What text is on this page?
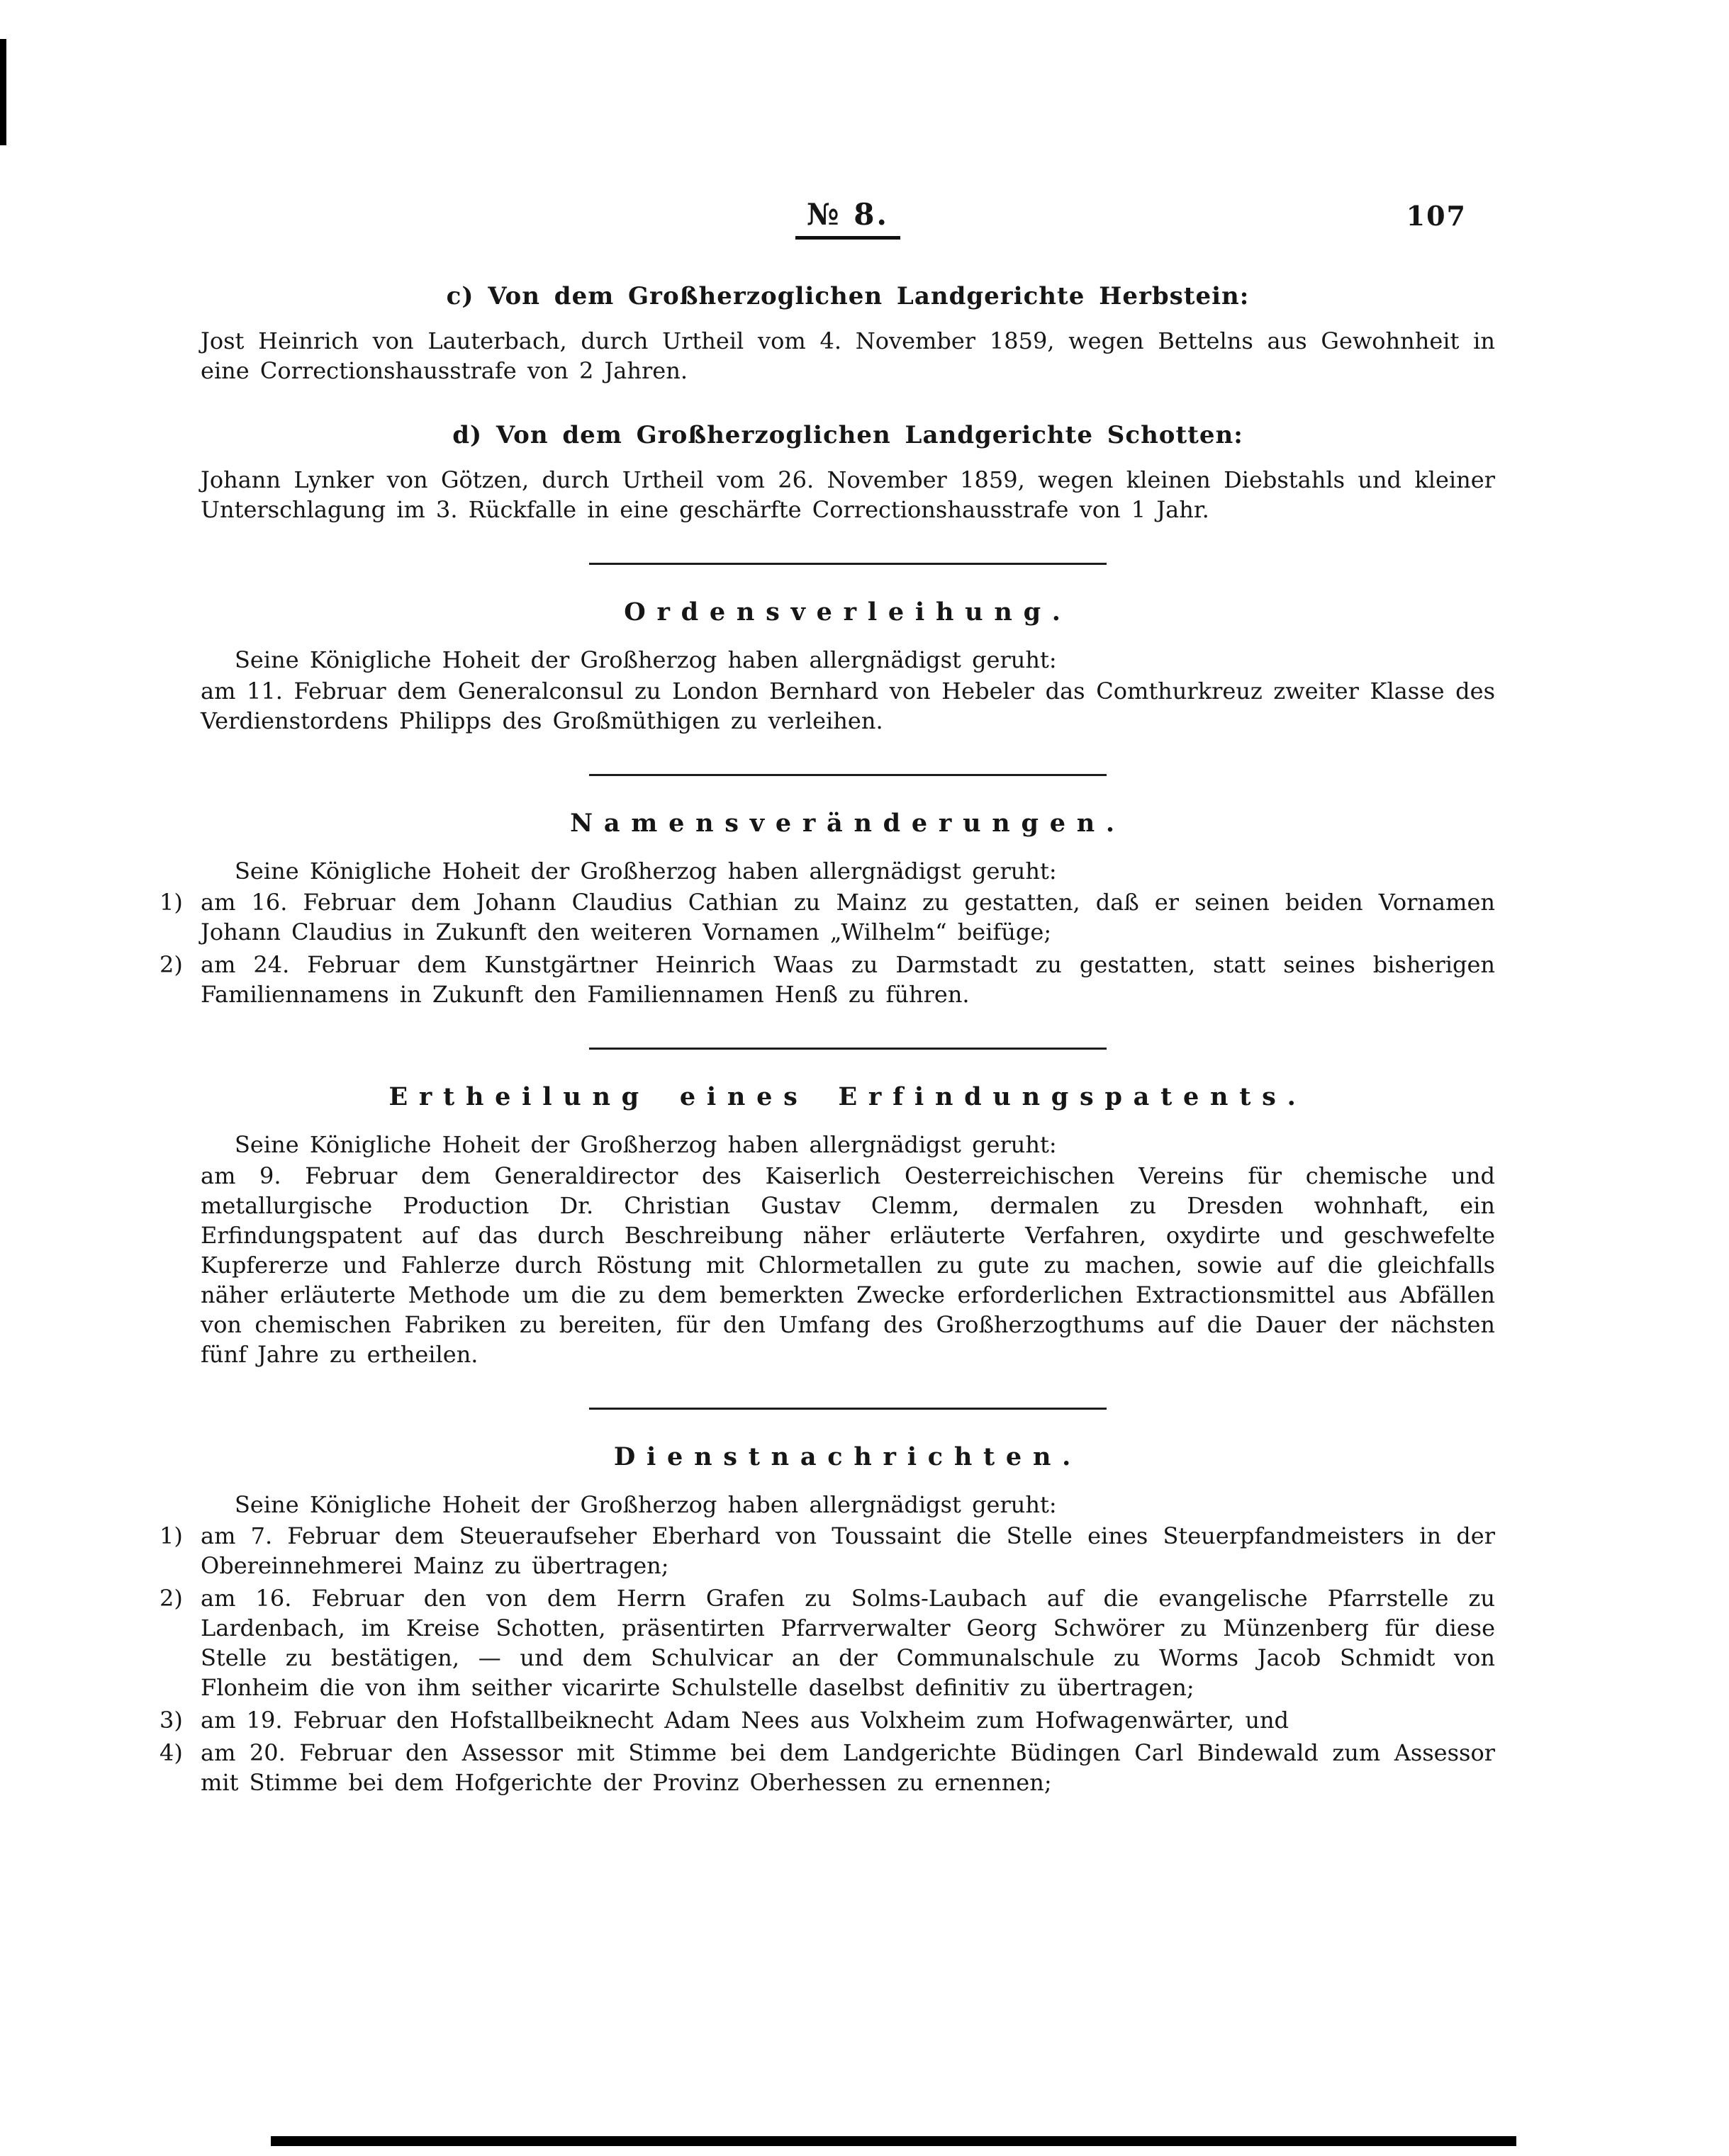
№ 8.	107
c) Von dem Großherzoglichen Landgerichte Herbstein:

Jost Heinrich von Lauterbach, durch Urtheil vom 4. November 1859, wegen Bettelns aus Gewohnheit in eine Correctionshausstrafe von 2 Jahren.

d) Von dem Großherzoglichen Landgerichte Schotten:

Johann Lynker von Götzen, durch Urtheil vom 26. November 1859, wegen kleinen Diebstahls und kleiner Unterschlagung im 3. Rückfalle in eine geschärfte Correctionshausstrafe von 1 Jahr.

Ordensverleihung.

Seine Königliche Hoheit der Großherzog haben allergnädigst geruht:

am 11. Februar dem Generalconsul zu London Bernhard von Hebeler das Comthurkreuz zweiter Klasse des Verdienstordens Philipps des Großmüthigen zu verleihen.

Namensveränderungen.

Seine Königliche Hoheit der Großherzog haben allergnädigst geruht:

1) am 16. Februar dem Johann Claudius Cathian zu Mainz zu gestatten, daß er seinen beiden Vornamen Johann Claudius in Zukunft den weiteren Vornamen „Wilhelm“ beifüge;
2) am 24. Februar dem Kunstgärtner Heinrich Waas zu Darmstadt zu gestatten, statt seines bisherigen Familiennamens in Zukunft den Familiennamen Henß zu führen.
Ertheilung eines Erfindungspatents.

Seine Königliche Hoheit der Großherzog haben allergnädigst geruht:

am 9. Februar dem Generaldirector des Kaiserlich Oesterreichischen Vereins für chemische und metallurgische Production Dr. Christian Gustav Clemm, dermalen zu Dresden wohnhaft, ein Erfindungspatent auf das durch Beschreibung näher erläuterte Verfahren, oxydirte und geschwefelte Kupfererze und Fahlerze durch Röstung mit Chlormetallen zu gute zu machen, sowie auf die gleichfalls näher erläuterte Methode um die zu dem bemerkten Zwecke erforderlichen Extractionsmittel aus Abfällen von chemischen Fabriken zu bereiten, für den Umfang des Großherzogthums auf die Dauer der nächsten fünf Jahre zu ertheilen.

Dienstnachrichten.

Seine Königliche Hoheit der Großherzog haben allergnädigst geruht:

1) am 7. Februar dem Steueraufseher Eberhard von Toussaint die Stelle eines Steuerpfandmeisters in der Obereinnehmerei Mainz zu übertragen;
2) am 16. Februar den von dem Herrn Grafen zu Solms-Laubach auf die evangelische Pfarrstelle zu Lardenbach, im Kreise Schotten, präsentirten Pfarrverwalter Georg Schwörer zu Münzenberg für diese Stelle zu bestätigen, — und dem Schulvicar an der Communalschule zu Worms Jacob Schmidt von Flonheim die von ihm seither vicarirte Schulstelle daselbst definitiv zu übertragen;
3) am 19. Februar den Hofstallbeiknecht Adam Nees aus Volxheim zum Hofwagenwärter, und
4) am 20. Februar den Assessor mit Stimme bei dem Landgerichte Büdingen Carl Bindewald zum Assessor mit Stimme bei dem Hofgerichte der Provinz Oberhessen zu ernennen;
